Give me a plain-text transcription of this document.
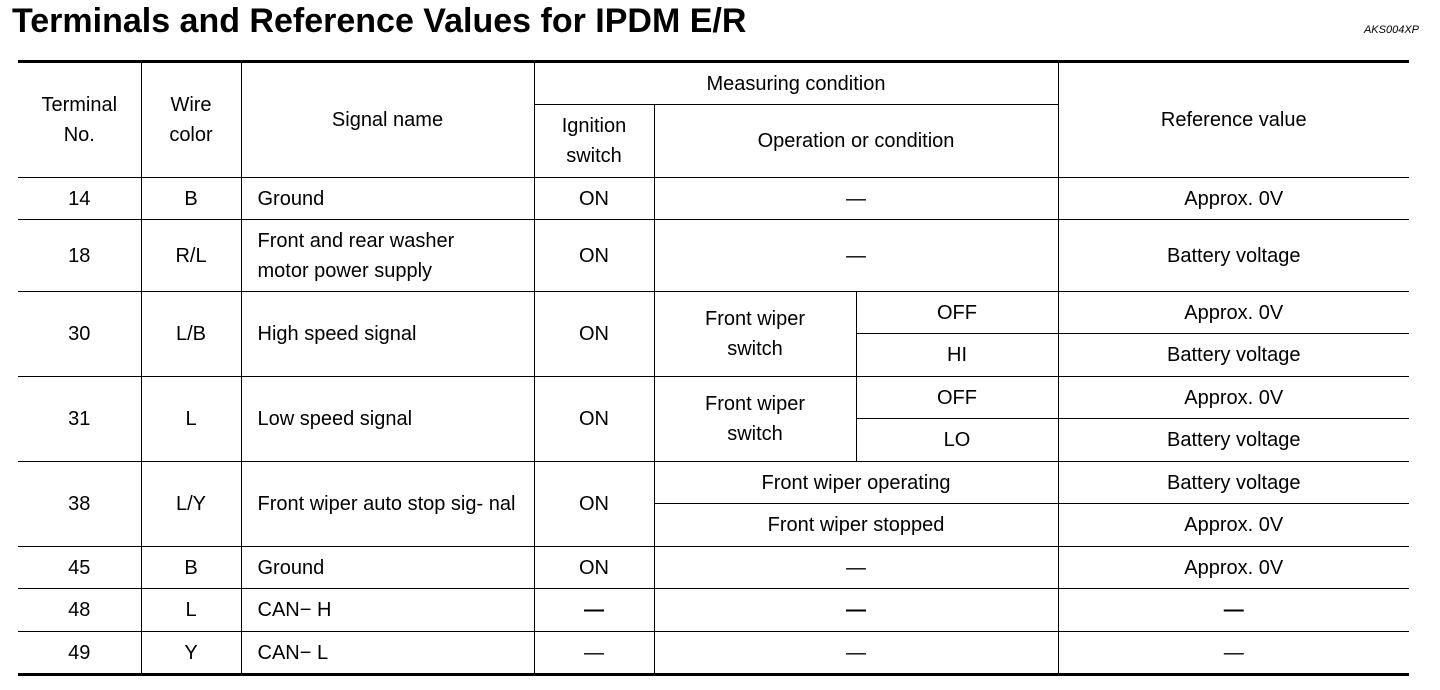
Terminals and Reference Values for IPDM E/R	AKS004XP
Terminal No.	Wire color	Signal name	Measuring condition			Reference value
			Ignition switch	Operation or condition		
14	B	Ground	ON	—		Approx. 0V
18	R/L	Front and rear washer motor power supply	ON	—		Battery voltage
30	L/B	High speed signal	ON	Front wiper switch	OFF	Approx. 0V
					HI	Battery voltage
31	L	Low speed signal	ON	Front wiper switch	OFF	Approx. 0V
					LO	Battery voltage
38	L/Y	Front wiper auto stop sig- nal	ON	Front wiper operating		Battery voltage
				Front wiper stopped		Approx. 0V
45	B	Ground	ON	—		Approx. 0V
48	L	CAN− H	—	—		—
49	Y	CAN− L	—	—		—
